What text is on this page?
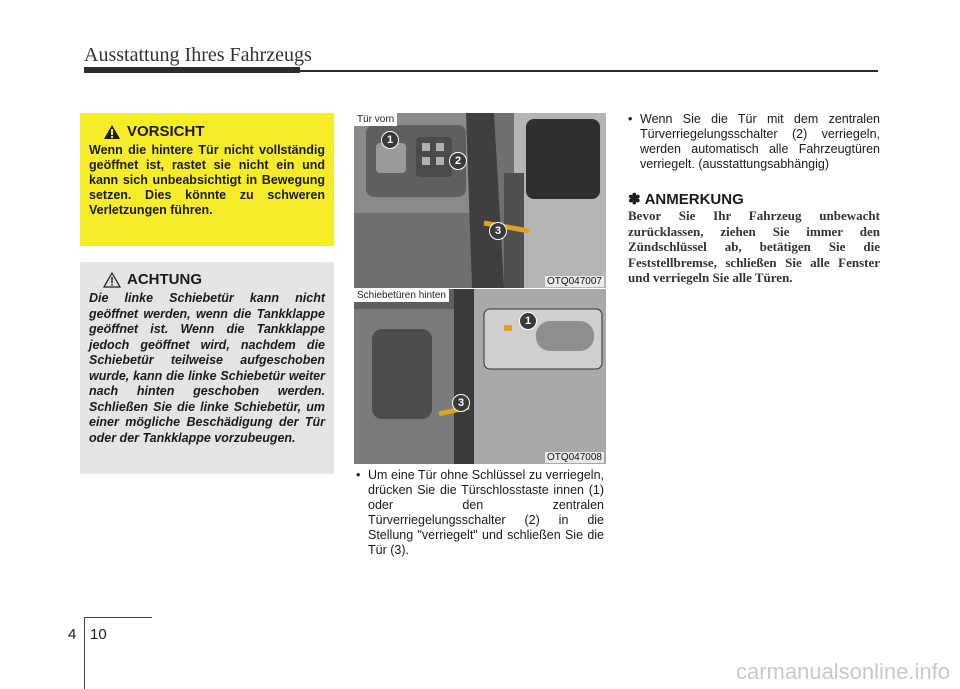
Ausstattung Ihres Fahrzeugs
VORSICHT
Wenn die hintere Tür nicht vollständig geöffnet ist, rastet sie nicht ein und kann sich unbeabsichtigt in Bewegung setzen. Dies könnte zu schweren Verletzungen führen.
ACHTUNG
Die linke Schiebetür kann nicht geöffnet werden, wenn die Tankklappe geöffnet ist. Wenn die Tankklappe jedoch geöffnet wird, nachdem die Schiebetür teilweise aufgeschoben wurde, kann die linke Schiebetür weiter nach hinten geschoben werden. Schließen Sie die linke Schiebetür, um einer mögliche Beschädigung der Tür oder der Tankklappe vorzubeugen.
Tür vorn
1
2
3
OTQ047007
Schiebetüren hinten
1
3
OTQ047008
• Um eine Tür ohne Schlüssel zu verriegeln, drücken Sie die Türschlosstaste innen (1) oder den zentralen Türverriegelungsschalter (2) in die Stellung "verriegelt" und schließen Sie die Tür (3).
• Wenn Sie die Tür mit dem zentralen Türverriegelungsschalter (2) verriegeln, werden automatisch alle Fahrzeugtüren verriegelt. (ausstattungsabhängig)
✽ ANMERKUNG
Bevor Sie Ihr Fahrzeug unbewacht zurücklassen, ziehen Sie immer den Zündschlüssel ab, betätigen Sie die Feststellbremse, schließen Sie alle Fenster und verriegeln Sie alle Türen.
4 10
carmanualsonline.info
